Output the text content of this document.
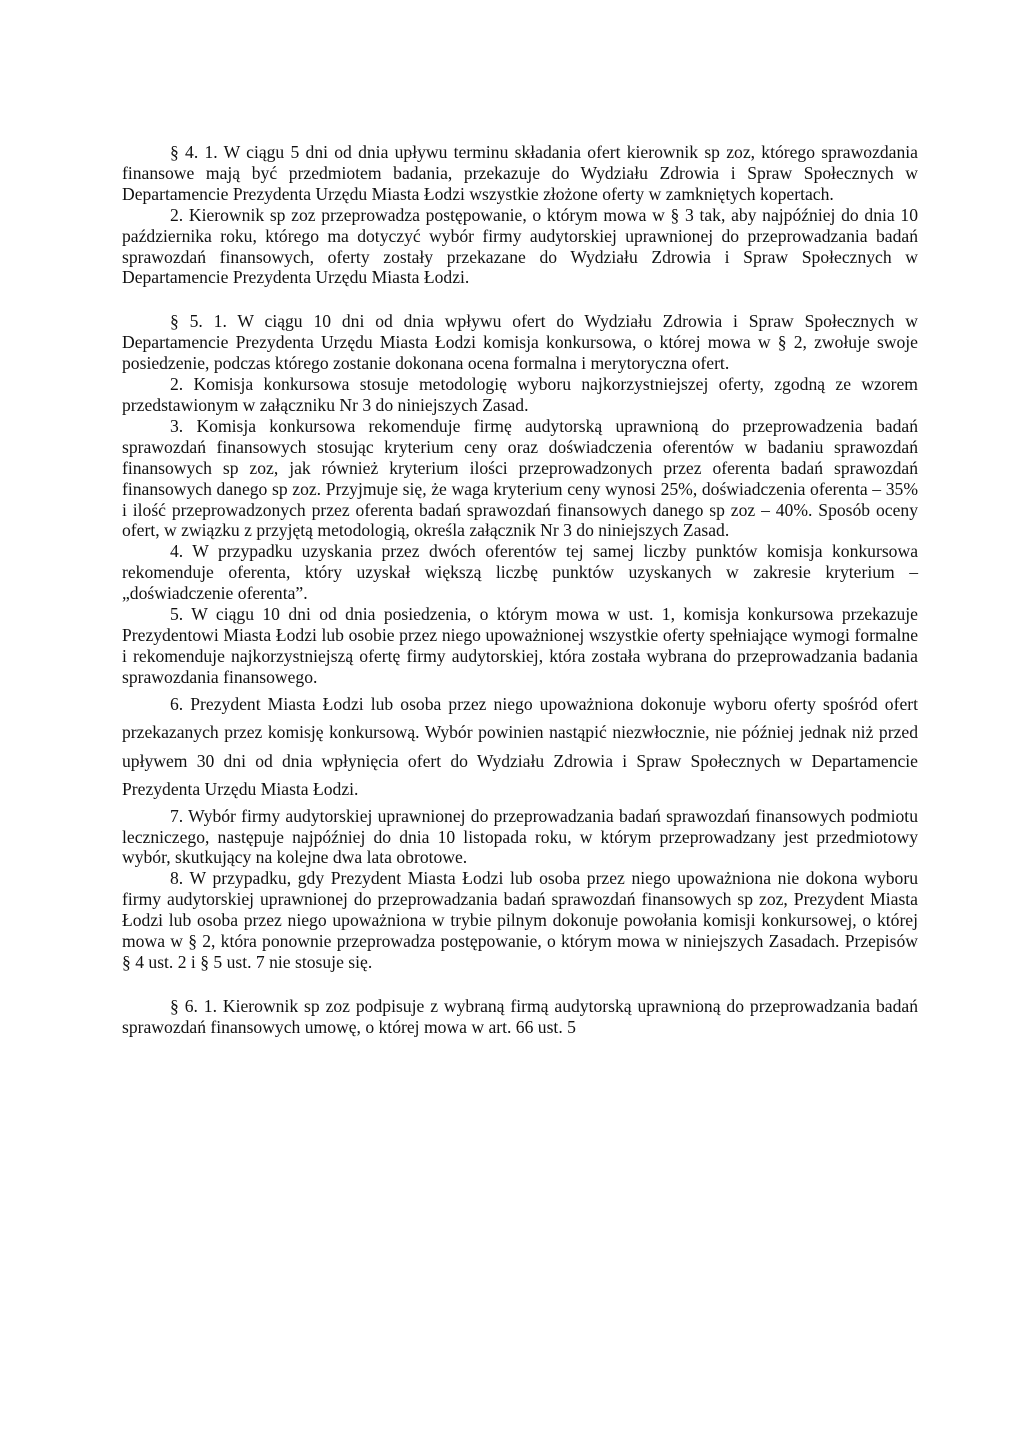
§ 4. 1. W ciągu 5 dni od dnia upływu terminu składania ofert kierownik sp zoz, którego sprawozdania finansowe mają być przedmiotem badania, przekazuje do Wydziału Zdrowia i Spraw Społecznych w Departamencie Prezydenta Urzędu Miasta Łodzi wszystkie złożone oferty w zamkniętych kopertach.

2. Kierownik sp zoz przeprowadza postępowanie, o którym mowa w § 3 tak, aby najpóźniej do dnia 10 października roku, którego ma dotyczyć wybór firmy audytorskiej uprawnionej do przeprowadzania badań sprawozdań finansowych, oferty zostały przekazane do Wydziału Zdrowia i Spraw Społecznych w Departamencie Prezydenta Urzędu Miasta Łodzi.

§ 5. 1. W ciągu 10 dni od dnia wpływu ofert do Wydziału Zdrowia i Spraw Społecznych w Departamencie Prezydenta Urzędu Miasta Łodzi komisja konkursowa, o której mowa w § 2, zwołuje swoje posiedzenie, podczas którego zostanie dokonana ocena formalna i merytoryczna ofert.

2. Komisja konkursowa stosuje metodologię wyboru najkorzystniejszej oferty, zgodną ze wzorem przedstawionym w załączniku Nr 3 do niniejszych Zasad.

3. Komisja konkursowa rekomenduje firmę audytorską uprawnioną do przeprowadzenia badań sprawozdań finansowych stosując kryterium ceny oraz doświadczenia oferentów w badaniu sprawozdań finansowych sp zoz, jak również kryterium ilości przeprowadzonych przez oferenta badań sprawozdań finansowych danego sp zoz. Przyjmuje się, że waga kryterium ceny wynosi 25%, doświadczenia oferenta – 35% i ilość przeprowadzonych przez oferenta badań sprawozdań finansowych danego sp zoz – 40%. Sposób oceny ofert, w związku z przyjętą metodologią, określa załącznik Nr 3 do niniejszych Zasad.

4. W przypadku uzyskania przez dwóch oferentów tej samej liczby punktów komisja konkursowa rekomenduje oferenta, który uzyskał większą liczbę punktów uzyskanych w zakresie kryterium – „doświadczenie oferenta”.

5. W ciągu 10 dni od dnia posiedzenia, o którym mowa w ust. 1, komisja konkursowa przekazuje Prezydentowi Miasta Łodzi lub osobie przez niego upoważnionej wszystkie oferty spełniające wymogi formalne i rekomenduje najkorzystniejszą ofertę firmy audytorskiej, która została wybrana do przeprowadzania badania sprawozdania finansowego.

6. Prezydent Miasta Łodzi lub osoba przez niego upoważniona dokonuje wyboru oferty spośród ofert przekazanych przez komisję konkursową. Wybór powinien nastąpić niezwłocznie, nie później jednak niż przed upływem 30 dni od dnia wpłynięcia ofert do Wydziału Zdrowia i Spraw Społecznych w Departamencie Prezydenta Urzędu Miasta Łodzi.

7. Wybór firmy audytorskiej uprawnionej do przeprowadzania badań sprawozdań finansowych podmiotu leczniczego, następuje najpóźniej do dnia 10 listopada roku, w którym przeprowadzany jest przedmiotowy wybór, skutkujący na kolejne dwa lata obrotowe.

8. W przypadku, gdy Prezydent Miasta Łodzi lub osoba przez niego upoważniona nie dokona wyboru firmy audytorskiej uprawnionej do przeprowadzania badań sprawozdań finansowych sp zoz, Prezydent Miasta Łodzi lub osoba przez niego upoważniona w trybie pilnym dokonuje powołania komisji konkursowej, o której mowa w § 2, która ponownie przeprowadza postępowanie, o którym mowa w niniejszych Zasadach. Przepisów § 4 ust. 2 i § 5 ust. 7 nie stosuje się.

§ 6. 1. Kierownik sp zoz podpisuje z wybraną firmą audytorską uprawnioną do przeprowadzania badań sprawozdań finansowych umowę, o której mowa w art. 66 ust. 5
